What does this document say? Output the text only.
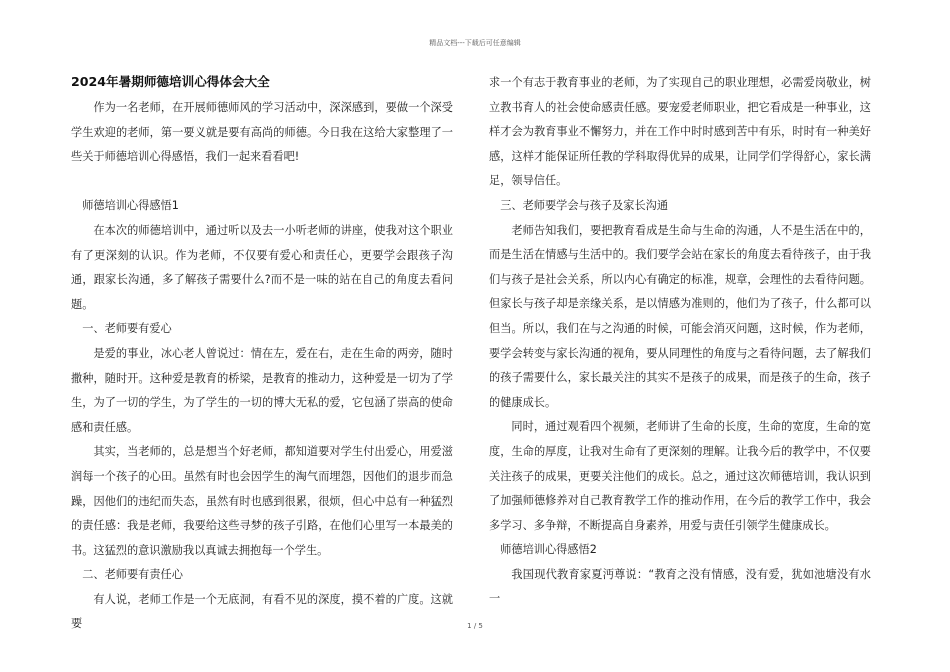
精品文档---下载后可任意编辑
2024年暑期师德培训心得体会大全

作为一名老师，在开展师德师风的学习活动中，深深感到，要做一个深受学生欢迎的老师，第一要义就是要有高尚的师德。今日我在这给大家整理了一些关于师德培训心得感悟，我们一起来看看吧!

师德培训心得感悟1

在本次的师德培训中，通过听以及去一小听老师的讲座，使我对这个职业有了更深刻的认识。作为老师，不仅要有爱心和责任心，更要学会跟孩子沟通，跟家长沟通，多了解孩子需要什么?而不是一味的站在自己的角度去看问题。

一、老师要有爱心

是爱的事业，冰心老人曾说过：情在左，爱在右，走在生命的两旁，随时撒种，随时开。这种爱是教育的桥梁，是教育的推动力，这种爱是一切为了学生，为了一切的学生，为了学生的一切的博大无私的爱，它包涵了崇高的使命感和责任感。

其实，当老师的，总是想当个好老师，都知道要对学生付出爱心，用爱滋润每一个孩子的心田。虽然有时也会因学生的淘气而埋怨，因他们的退步而急躁，因他们的违纪而失态，虽然有时也感到很累，很烦，但心中总有一种猛烈的责任感：我是老师，我要给这些寻梦的孩子引路，在他们心里写一本最美的书。这猛烈的意识激励我以真诚去拥抱每一个学生。

二、老师要有责任心

有人说，老师工作是一个无底洞，有看不见的深度，摸不着的广度。这就要

求一个有志于教育事业的老师，为了实现自己的职业理想，必需爱岗敬业，树立教书育人的社会使命感责任感。要宠爱老师职业，把它看成是一种事业，这样才会为教育事业不懈努力，并在工作中时时感到苦中有乐，时时有一种美好感，这样才能保证所任教的学科取得优异的成果，让同学们学得舒心，家长满足，领导信任。

三、老师要学会与孩子及家长沟通

老师告知我们，要把教育看成是生命与生命的沟通，人不是生活在中的，而是生活在情感与生活中的。我们要学会站在家长的角度去看待孩子，由于我们与孩子是社会关系，所以内心有确定的标准，规章，会理性的去看待问题。但家长与孩子却是亲缘关系，是以情感为准则的，他们为了孩子，什么都可以但当。所以，我们在与之沟通的时候，可能会消灭问题，这时候，作为老师，要学会转变与家长沟通的视角，要从同理性的角度与之看待问题，去了解我们的孩子需要什么，家长最关注的其实不是孩子的成果，而是孩子的生命，孩子的健康成长。

同时，通过观看四个视频，老师讲了生命的长度，生命的宽度，生命的宽度，生命的厚度，让我对生命有了更深刻的理解。让我今后的教学中，不仅要关注孩子的成果，更要关注他们的成长。总之，通过这次师德培训，我认识到了加强师德修养对自己教育教学工作的推动作用，在今后的教学工作中，我会多学习、多争辩，不断提高自身素养，用爱与责任引领学生健康成长。

师德培训心得感悟2

我国现代教育家夏沔尊说：“教育之没有情感，没有爱，犹如池塘没有水一

1 / 5
